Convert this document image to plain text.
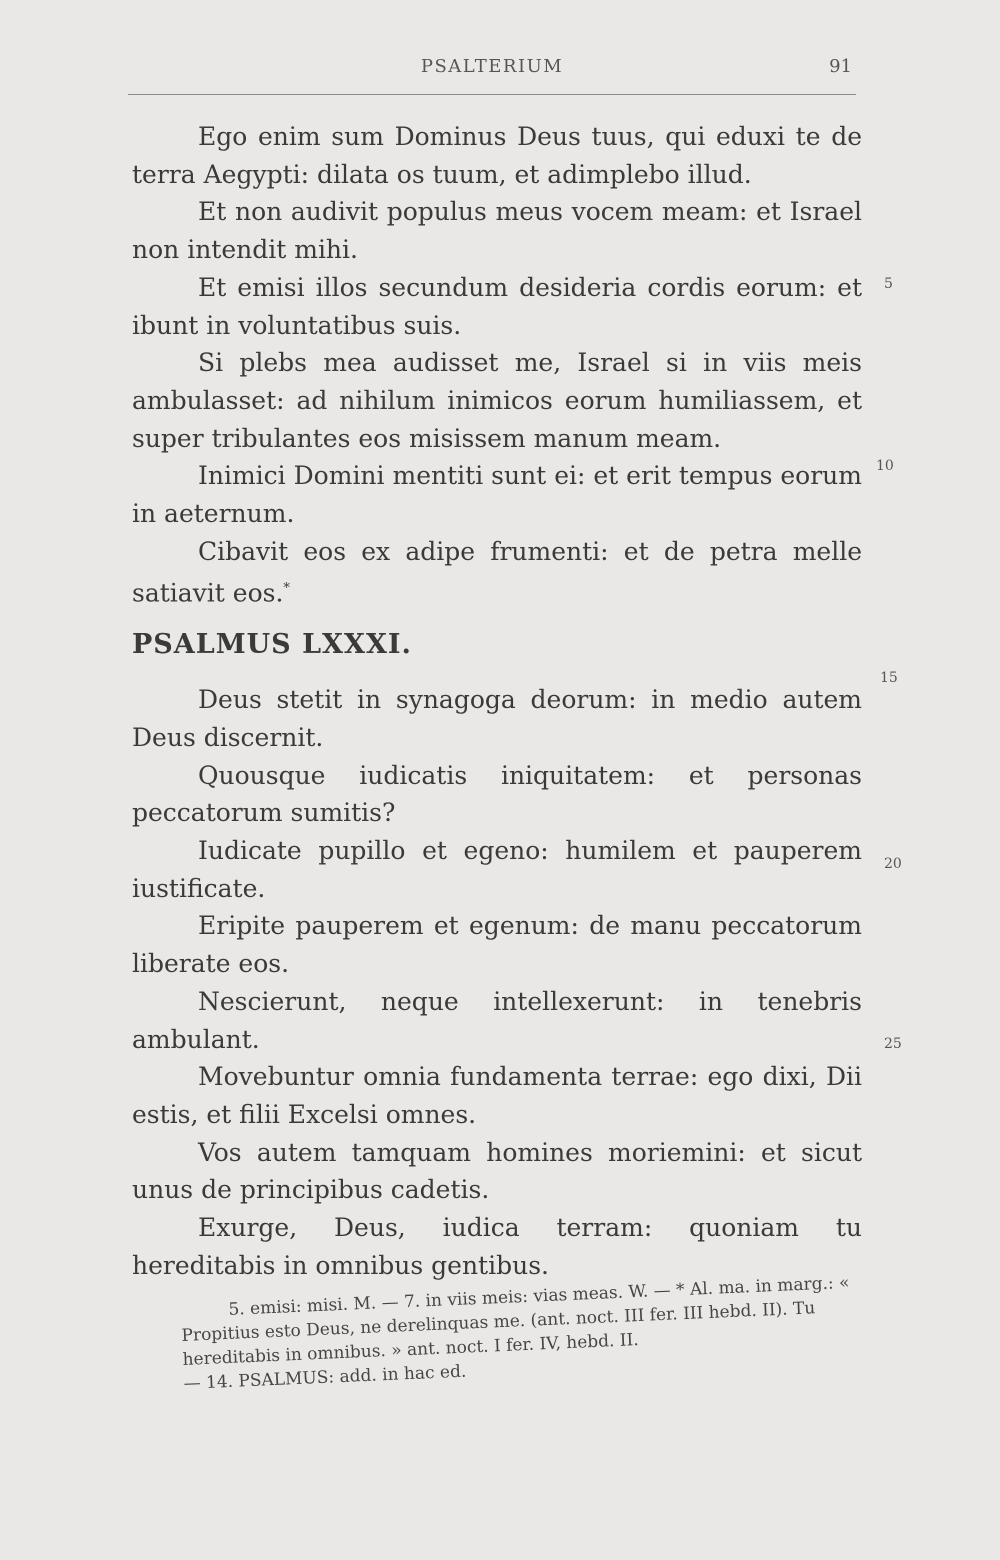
PSALTERIUM	91

Ego enim sum Dominus Deus tuus, qui eduxi te de terra Aegypti: dilata os tuum, et adimplebo illud.

Et non audivit populus meus vocem meam: et Israel non intendit mihi.

Et emisi illos secundum desideria cordis eorum: et ibunt in voluntatibus suis.

Si plebs mea audisset me, Israel si in viis meis ambulasset: ad nihilum inimicos eorum humiliassem, et super tribulantes eos misissem manum meam.

Inimici Domini mentiti sunt ei: et erit tempus eorum in aeternum.

Cibavit eos ex adipe frumenti: et de petra melle satiavit eos.*

PSALMUS LXXXI.

Deus stetit in synagoga deorum: in medio autem Deus discernit.

Quousque iudicatis iniquitatem: et personas peccatorum sumitis?

Iudicate pupillo et egeno: humilem et pauperem iustificate.

Eripite pauperem et egenum: de manu peccatorum liberate eos.

Nescierunt, neque intellexerunt: in tenebris ambulant.

Movebuntur omnia fundamenta terrae: ego dixi, Dii estis, et filii Excelsi omnes.

Vos autem tamquam homines moriemini: et sicut unus de principibus cadetis.

Exurge, Deus, iudica terram: quoniam tu hereditabis in omnibus gentibus.

5
10
15
20
25

5. emisi: misi. M. — 7. in viis meis: vias meas. W. — * Al. ma. in marg.: « Propitius esto Deus, ne derelinquas me. (ant. noct. III fer. III hebd. II). Tu hereditabis in omnibus. » ant. noct. I fer. IV, hebd. II.

— 14. PSALMUS: add. in hac ed.
